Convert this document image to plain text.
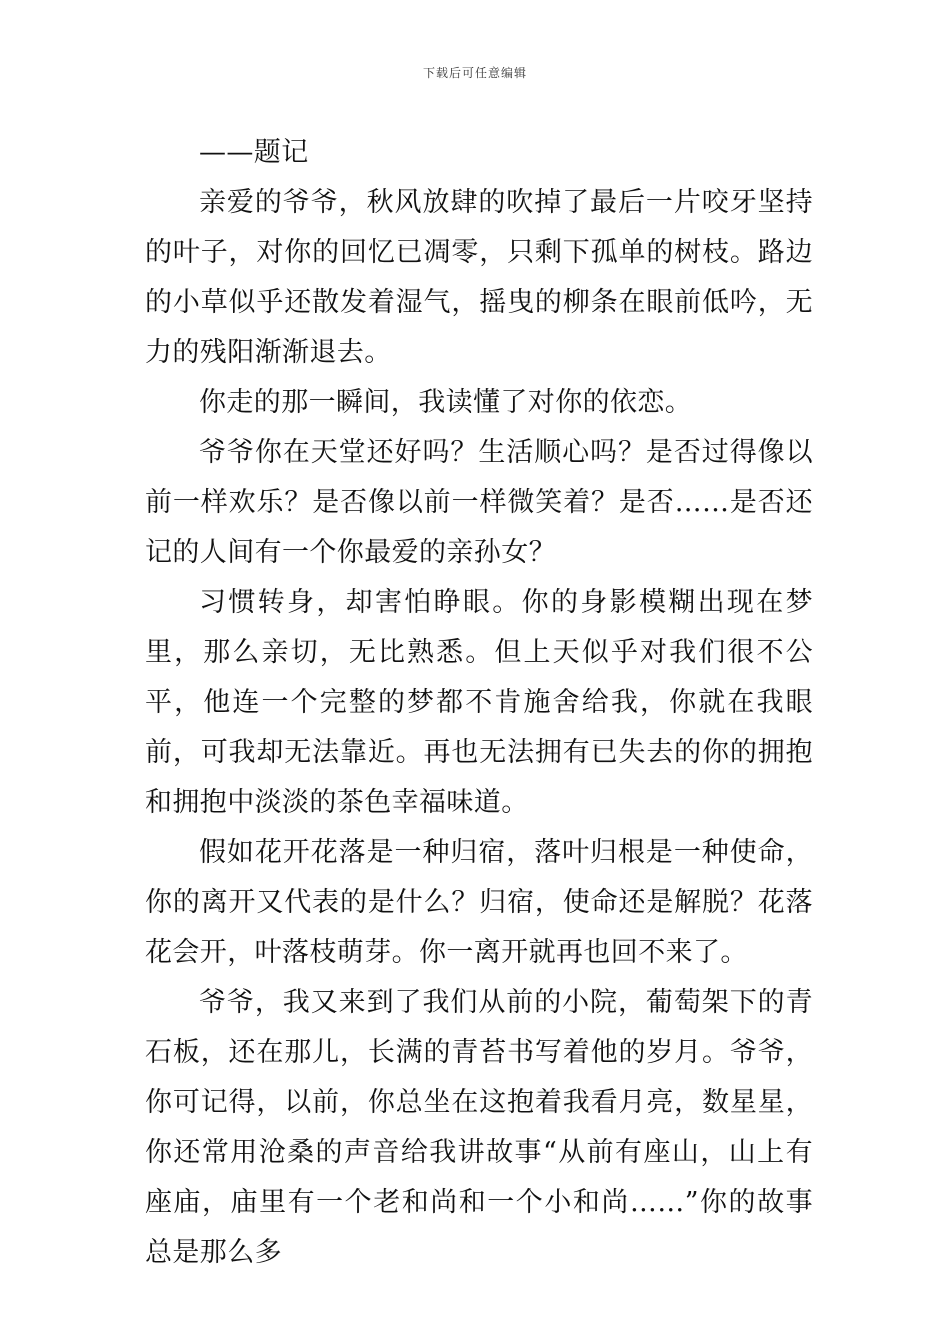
下载后可任意编辑

——题记

亲爱的爷爷，秋风放肆的吹掉了最后一片咬牙坚持的叶子，对你的回忆已凋零，只剩下孤单的树枝。路边的小草似乎还散发着湿气，摇曳的柳条在眼前低吟，无力的残阳渐渐退去。

你走的那一瞬间，我读懂了对你的依恋。

爷爷你在天堂还好吗？生活顺心吗？是否过得像以前一样欢乐？是否像以前一样微笑着？是否……是否还记的人间有一个你最爱的亲孙女？

习惯转身，却害怕睁眼。你的身影模糊出现在梦里，那么亲切，无比熟悉。但上天似乎对我们很不公平，他连一个完整的梦都不肯施舍给我，你就在我眼前，可我却无法靠近。再也无法拥有已失去的你的拥抱和拥抱中淡淡的茶色幸福味道。

假如花开花落是一种归宿，落叶归根是一种使命，你的离开又代表的是什么？归宿，使命还是解脱？花落花会开，叶落枝萌芽。你一离开就再也回不来了。

爷爷，我又来到了我们从前的小院，葡萄架下的青石板，还在那儿，长满的青苔书写着他的岁月。爷爷，你可记得，以前，你总坐在这抱着我看月亮，数星星，你还常用沧桑的声音给我讲故事“从前有座山，山上有座庙，庙里有一个老和尚和一个小和尚……”你的故事总是那么多
